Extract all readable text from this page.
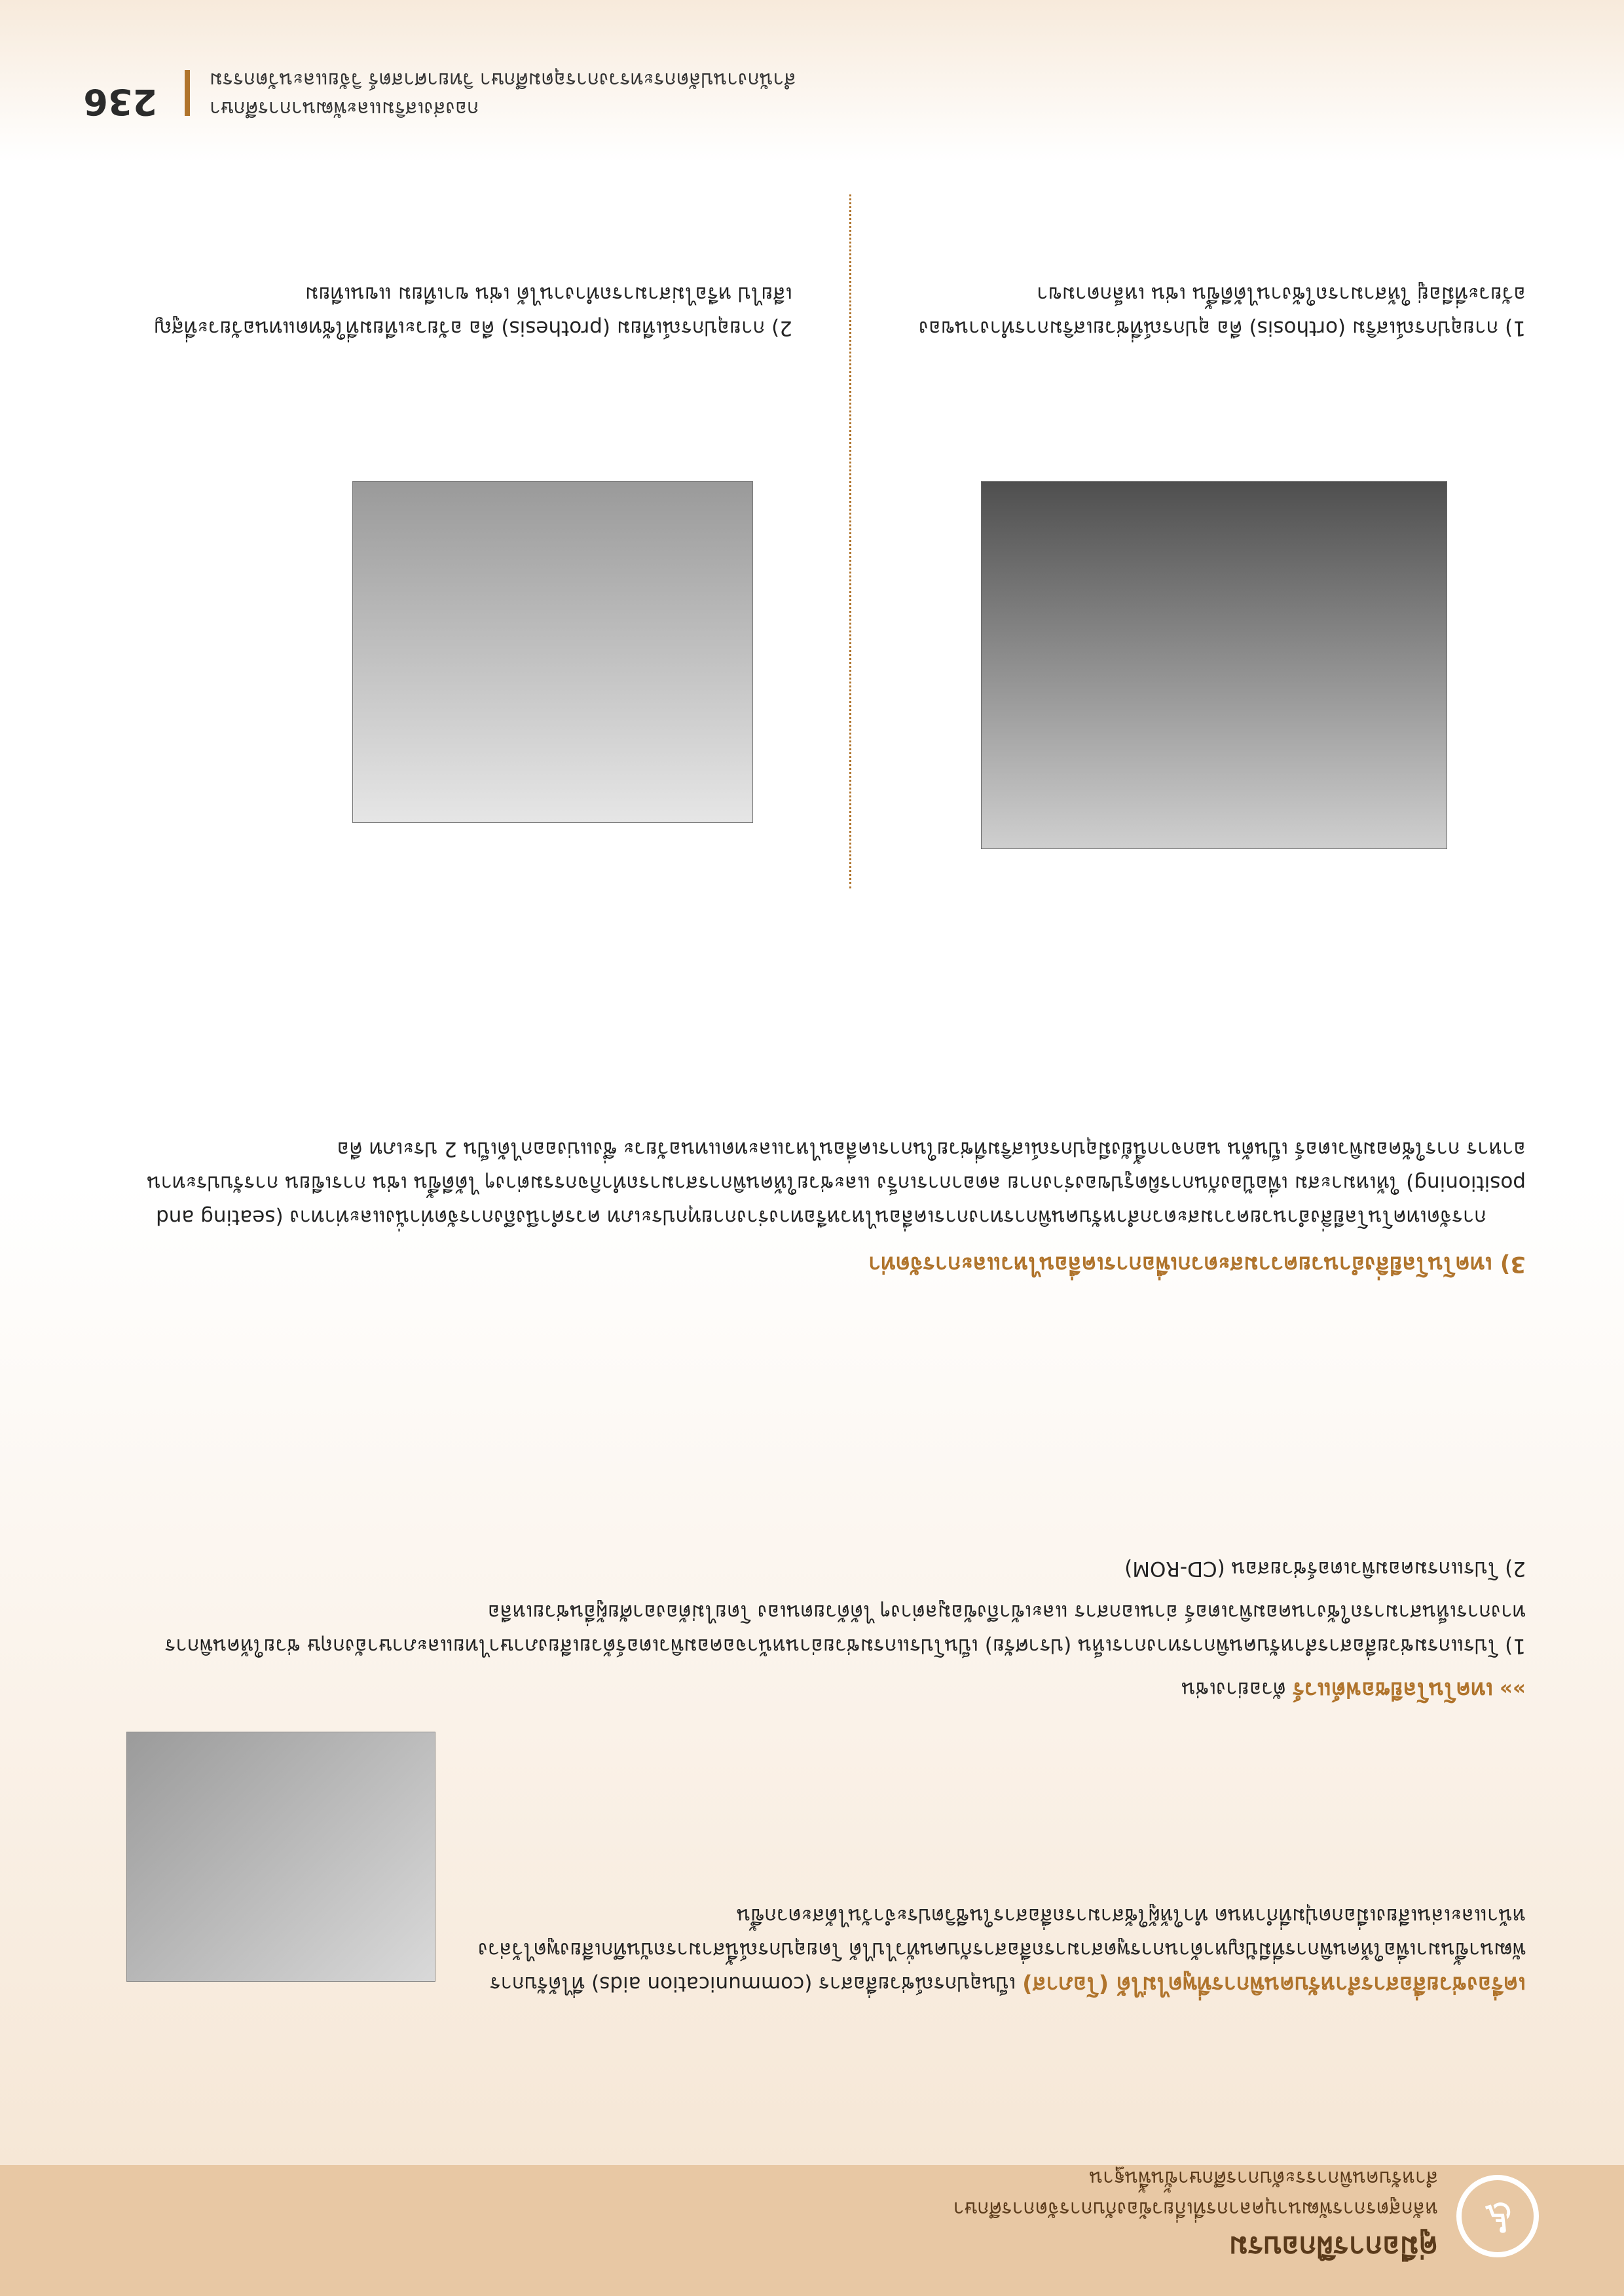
♿
คู่มือการฝึกอบรม
หลักสูตรการพัฒนาบุคลากรที่เกี่ยวข้องกับการจัดการศึกษา
สำหรับคนพิการระดับการศึกษาขั้นพื้นฐาน

เครื่องช่วยสื่อสารสำหรับคนพิการที่พูดไม่ได้ (โอภาส) เป็นอุปกรณ์ช่วยสื่อสาร (communication aids) ที่ได้รับการพัฒนาขึ้นมาเพื่อให้คนพิการที่มีปัญหาด้านการพูดสามารถสื่อสารกับคนทั่วไปได้ โดยอุปกรณ์นี้สามารถบันทึกเสียงพูดไว้ล่วงหน้าและเล่นเสียงเมื่อกดปุ่มที่กำหนด ทำให้ผู้ใช้สามารถสื่อสารในชีวิตประจำวันได้สะดวกขึ้น

»» เทคโนโลยีซอฟต์แวร์ ตัวอย่างเช่น

1) โปรแกรมช่วยสื่อสารสำหรับคนพิการทางการเห็น (ปราศรัย) เป็นโปรแกรมช่วยอ่านหน้าจอคอมพิวเตอร์ด้วยเสียงภาษาไทยและภาษาอังกฤษ ช่วยให้คนพิการทางการเห็นสามารถใช้งานคอมพิวเตอร์ อ่านเอกสาร และเข้าถึงข้อมูลต่างๆ ได้ด้วยตนเอง โดยไม่ต้องอาศัยผู้อื่นช่วยเหลือ

2) โปรแกรมคอมพิวเตอร์ช่วยสอน (CD-ROM)

3) เทคโนโลยีสิ่งอำนวยความสะดวกเพื่อการเคลื่อนไหวและการจัดท่า

การจัดเทคโนโลยีสิ่งอำนวยความสะดวกสำหรับคนพิการทางการเคลื่อนไหวหรือทางร่างกายทุกประเภท ควรคำนึงถึงการจัดท่านั่งและท่าทาง (seating and positioning) ให้เหมาะสม เพื่อป้องกันการผิดรูปของร่างกาย ลดอาการเกร็ง และช่วยให้คนพิการสามารถทำกิจกรรมต่างๆ ได้ดีขึ้น เช่น การเขียน การรับประทานอาหาร การใช้คอมพิวเตอร์ เป็นต้น นอกจากนี้ยังมีอุปกรณ์เสริมที่ช่วยในการเคลื่อนไหวและทดแทนอวัยวะ ซึ่งแบ่งออกได้เป็น 2 ประเภท คือ

1) กายอุปกรณ์เสริม (orthosis) คือ อุปกรณ์ที่ช่วยเสริมการทำงานของอวัยวะที่มีอยู่ ให้สามารถใช้งานได้ดีขึ้น เช่น เหล็กดามขา
2) กายอุปกรณ์เทียม (prothesis) คือ อวัยวะเทียมที่ใช้ทดแทนอวัยวะที่สูญเสียไป หรือไม่สามารถทำงานได้ เช่น ขาเทียม แขนเทียม
236	กองส่งเสริมและพัฒนาการศึกษา
สำนักงานปลัดกระทรวงการอุดมศึกษา วิทยาศาสตร์ วิจัยและนวัตกรรม
